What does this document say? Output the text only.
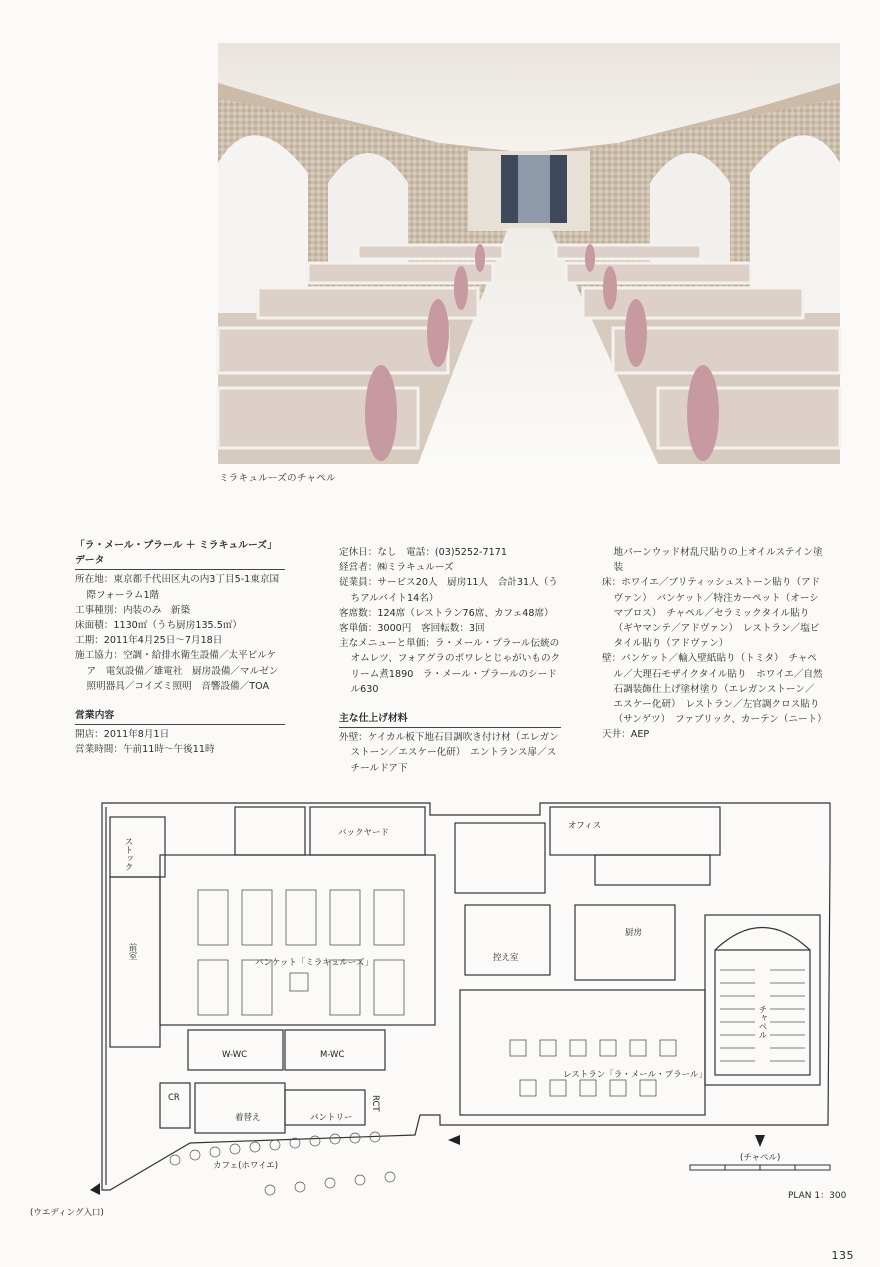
ミラキュルーズのチャペル

「ラ・メール・プラール ＋ ミラキュルーズ」データ

所在地：東京都千代田区丸の内3丁目5-1東京国際フォーラム1階

工事種別：内装のみ　新築

床面積：1130㎡（うち厨房135.5㎡）

工期：2011年4月25日〜7月18日

施工協力：空調・給排水衛生設備／太平ビルケア　電気設備／雄電社　厨房設備／マルゼン　照明器具／コイズミ照明　音響設備／TOA

営業内容

開店：2011年8月1日

営業時間：午前11時〜午後11時

定休日：なし　電話：(03)5252-7171

経営者：㈱ミラキュルーズ

従業員：サービス20人　厨房11人　合計31人（うちアルバイト14名）

客席数：124席（レストラン76席、カフェ48席）

客単価：3000円　客回転数：3回

主なメニューと単価：ラ・メール・プラール伝統のオムレツ、フォアグラのポワレとじゃがいものクリーム煮1890　ラ・メール・プラールのシードル630

主な仕上げ材料

外壁：ケイカル板下地石目調吹き付け材（エレガンストーン／エスケー化研）　エントランス扉／スチールドア下

地パーンウッド材乱尺貼りの上オイルステイン塗装

床：ホワイエ／ブリティッシュストーン貼り（アドヴァン）　バンケット／特注カーペット（オーシマブロス）　チャペル／セラミックタイル貼り（ギヤマンテ／アドヴァン）　レストラン／塩ビタイル貼り（アドヴァン）

壁：バンケット／輸入壁紙貼り（トミタ）　チャペル／大理石モザイクタイル貼り　ホワイエ／自然石調装飾仕上げ塗材塗り（エレガンストーン／エスケー化研）　レストラン／左官調クロス貼り（サンゲツ）　ファブリック、カーテン（ニート）

天井：AEP

ストック
バックヤード
オフィス
前室
バンケット「ミラキュルーズ」	控え室
厨房
チャペル
W-WC	M-WC
レストラン「ラ・メール・プラール」
CR
着替え	パントリー
RCT
カフェ(ホワイエ)
(チャペル)
(ウエディング入口)
PLAN 1：300
135
